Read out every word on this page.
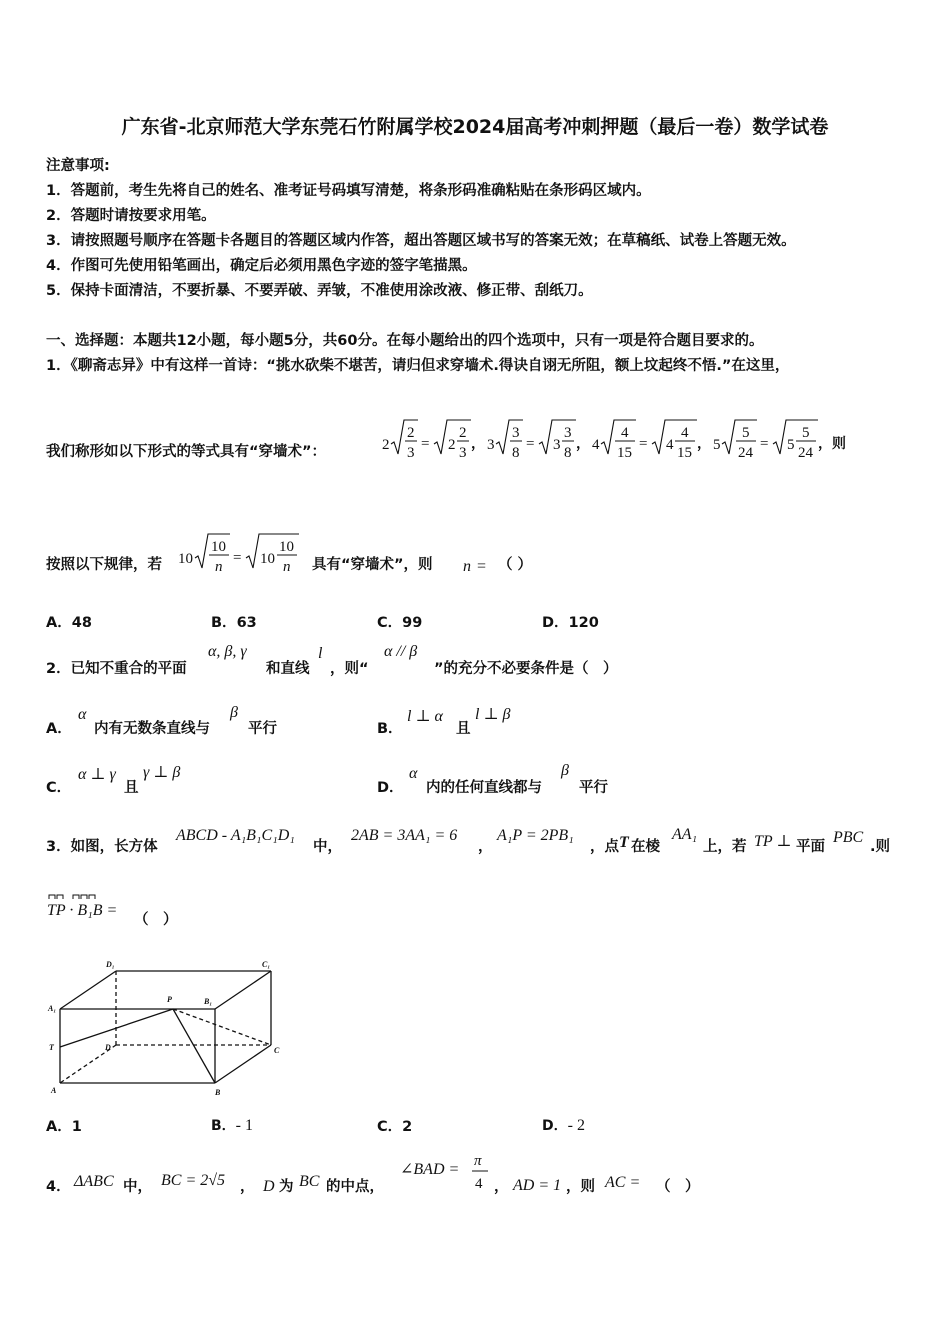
广东省-北京师范大学东莞石竹附属学校2024届高考冲刺押题（最后一卷）数学试卷
注意事项:
1．答题前，考生先将自己的姓名、准考证号码填写清楚，将条形码准确粘贴在条形码区域内。
2．答题时请按要求用笔。
3．请按照题号顺序在答题卡各题目的答题区域内作答，超出答题区域书写的答案无效；在草稿纸、试卷上答题无效。
4．作图可先使用铅笔画出，确定后必须用黑色字迹的签字笔描黑。
5．保持卡面清洁，不要折暴、不要弄破、弄皱，不准使用涂改液、修正带、刮纸刀。
一、选择题：本题共12小题，每小题5分，共60分。在每小题给出的四个选项中，只有一项是符合题目要求的。
1．《聊斋志异》中有这样一首诗：“挑水砍柴不堪苦，请归但求穿墙术.得诀自诩无所阻，额上坟起终不悟.”在这里，
我们称形如以下形式的等式具有“穿墙术”：	2
2
3
= 2
2
3
， 3
3
8
= 3
3
8
， 4
4
15
= 4
4
15
， 5
5
24
= 5
5
24
，则
按照以下规律，若 10
10
n
= 10
10
n 具有“穿墙术”，则 n = （ ）
A．48	B．63	C．99	D．120
2．已知不重合的平面
α, β, γ
和直线
l
，则“
α // β
”的充分不必要条件是（　）
A．
α
内有无数条直线与
β
平行	B．
l ⊥ α
且
l ⊥ β
C．
α ⊥ γ
且
γ ⊥ β
D．
α
内的任何直线都与
β
平行
3．如图，长方体
ABCD - A₁B₁C₁D₁
中，
2AB = 3AA₁ = 6
，
A₁P = 2PB₁
，点 T 在棱
AA₁
上，若 TP ⊥ 平面
PBC
.则
TP · B₁B =
（　）
D₁	C₁
A₁
P	B₁
T	D	C
A	B
A．1	B．- 1	C．2	D．- 2
4． ΔABC 中， BC = 2√5 ， D 为 BC 的中点，
∠BAD = π
4 ， AD = 1 ，则 AC = （　）
